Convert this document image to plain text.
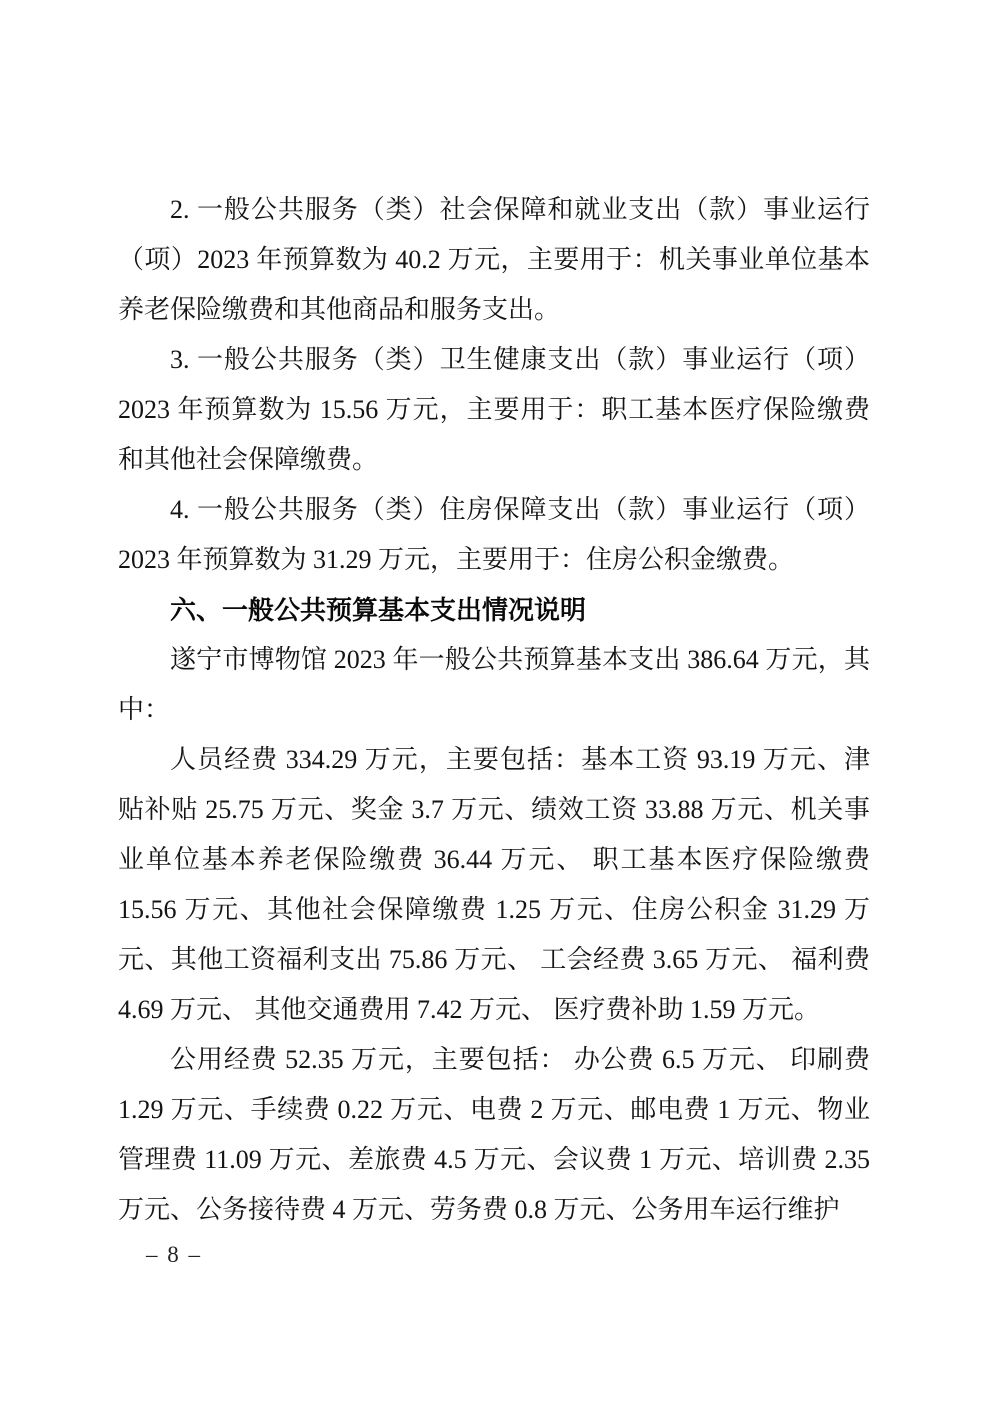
2. 一般公共服务（类）社会保障和就业支出（款）事业运行（项）2023 年预算数为 40.2 万元，主要用于：机关事业单位基本养老保险缴费和其他商品和服务支出。

3. 一般公共服务（类）卫生健康支出（款）事业运行（项）2023 年预算数为 15.56 万元，主要用于：职工基本医疗保险缴费和其他社会保障缴费。

4. 一般公共服务（类）住房保障支出（款）事业运行（项）2023 年预算数为 31.29 万元，主要用于：住房公积金缴费。

六、一般公共预算基本支出情况说明

遂宁市博物馆 2023 年一般公共预算基本支出 386.64 万元，其中：

人员经费 334.29 万元，主要包括：基本工资 93.19 万元、津贴补贴 25.75 万元、奖金 3.7 万元、绩效工资 33.88 万元、机关事业单位基本养老保险缴费 36.44 万元、 职工基本医疗保险缴费 15.56 万元、其他社会保障缴费 1.25 万元、住房公积金 31.29 万元、其他工资福利支出 75.86 万元、 工会经费 3.65 万元、 福利费 4.69 万元、 其他交通费用 7.42 万元、 医疗费补助 1.59 万元。

公用经费 52.35 万元，主要包括： 办公费 6.5 万元、 印刷费 1.29 万元、手续费 0.22 万元、电费 2 万元、邮电费 1 万元、物业管理费 11.09 万元、差旅费 4.5 万元、会议费 1 万元、培训费 2.35 万元、公务接待费 4 万元、劳务费 0.8 万元、公务用车运行维护

– 8 –
